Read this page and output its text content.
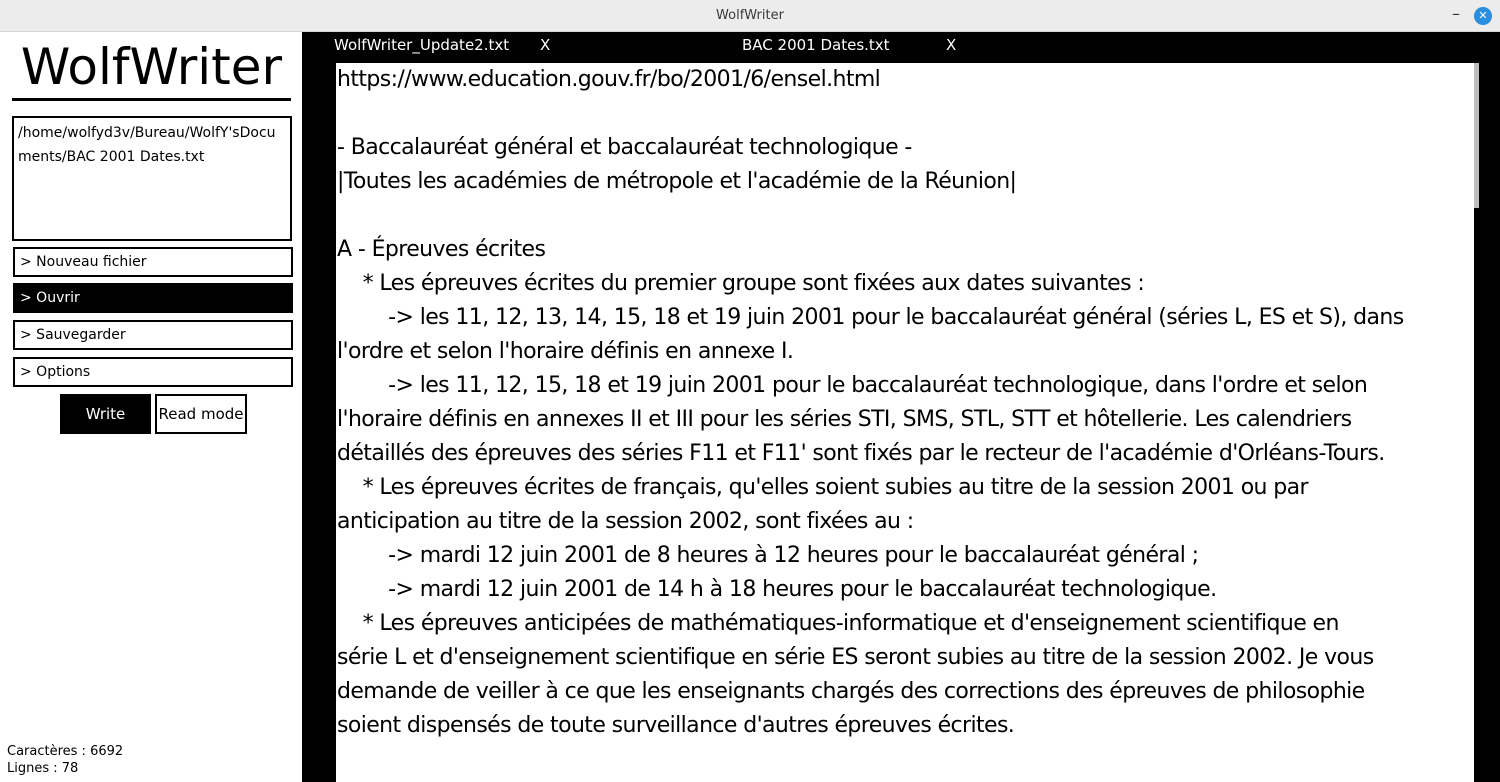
WolfWriter	–	✕
WolfWriter
/home/wolfyd3v/Bureau/WolfY'sDocuments/BAC 2001 Dates.txt
> Nouveau fichier
> Ouvrir
> Sauvegarder
> Options
Write mode
Read mode
Caractères : 6692
Lignes : 78
WolfWriter_Update2.txt X	BAC 2001 Dates.txt	X
https://www.education.gouv.fr/bo/2001/6/ensel.html
- Baccalauréat général et baccalauréat technologique -
|Toutes les académies de métropole et l'académie de la Réunion|
A - Épreuves écrites
* Les épreuves écrites du premier groupe sont fixées aux dates suivantes :
-> les 11, 12, 13, 14, 15, 18 et 19 juin 2001 pour le baccalauréat général (séries L, ES et S), dans
l'ordre et selon l'horaire définis en annexe I.
-> les 11, 12, 15, 18 et 19 juin 2001 pour le baccalauréat technologique, dans l'ordre et selon
l'horaire définis en annexes II et III pour les séries STI, SMS, STL, STT et hôtellerie. Les calendriers
détaillés des épreuves des séries F11 et F11' sont fixés par le recteur de l'académie d'Orléans-Tours.
* Les épreuves écrites de français, qu'elles soient subies au titre de la session 2001 ou par
anticipation au titre de la session 2002, sont fixées au :
-> mardi 12 juin 2001 de 8 heures à 12 heures pour le baccalauréat général ;
-> mardi 12 juin 2001 de 14 h à 18 heures pour le baccalauréat technologique.
* Les épreuves anticipées de mathématiques-informatique et d'enseignement scientifique en
série L et d'enseignement scientifique en série ES seront subies au titre de la session 2002. Je vous
demande de veiller à ce que les enseignants chargés des corrections des épreuves de philosophie
soient dispensés de toute surveillance d'autres épreuves écrites.
